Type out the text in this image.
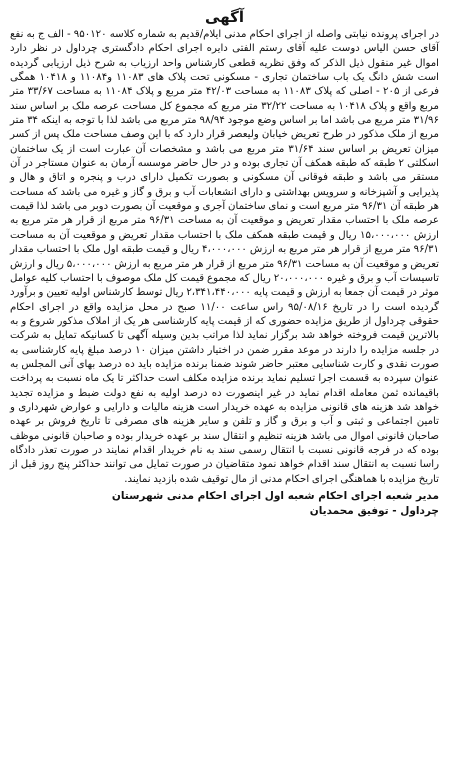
آگهی

در اجرای پرونده نیابتی واصله از اجرای احکام مدنی ایلام/قدیم به شماره کلاسه ۹۵۰۱۲۰ - الف ج به نفع آقای حسن الیاس دوست علیه آقای رستم الفتی دایره اجرای احکام دادگستری چرداول در نظر دارد اموال غیر منقول ذیل الذکر که وفق نظریه قطعی کارشناس واحد ارزیاب به شرح ذیل ارزیابی گردیده است شش دانگ یک باب ساختمان تجاری - مسکونی تحت پلاک های ۱۱۰۸۳ و۱۱۰۸۴ و ۱۰۴۱۸ همگی فرعی از ۲۰۵ - اصلی که پلاک ۱۱۰۸۳ به مساحت ۴۲/۰۳ متر مربع و پلاک ۱۱۰۸۴ به مساحت ۳۳/۶۷ متر مربع واقع و پلاک ۱۰۴۱۸ به مساحت ۳۲/۲۲ متر مربع که مجموع کل مساحت عرصه ملک بر اساس سند ۳۱/۹۶ متر مربع می باشد اما بر اساس وضع موجود ۹۸/۹۴ متر مربع می باشد لذا با توجه به اینکه ۳۴ متر مربع از ملک مذکور در طرح تعریض خیابان ولیعصر قرار دارد که با این وصف مساحت ملک پس از کسر میزان تعریض بر اساس سند ۳۱/۶۴ متر مربع می باشد و مشخصات آن عبارت است از یک ساختمان اسکلتی ۲ طبقه که طبقه همکف آن تجاری بوده و در حال حاضر موسسه آرمان به عنوان مستاجر در آن مستقر می باشد و طبقه فوقانی آن مسکونی و بصورت تکمیل دارای درب و پنجره و اتاق و هال و پذیرایی و آشپزخانه و سرویس بهداشتی و دارای انشعابات آب و برق و گاز و غیره می باشد که مساحت هر طبقه آن ۹۶/۳۱ متر مربع است و نمای ساختمان آجری و موقعیت آن بصورت دوبر می باشد لذا قیمت عرصه ملک با احتساب مقدار تعریض و موقعیت آن به مساحت ۹۶/۳۱ متر مربع از قرار هر متر مربع به ارزش ۱۵،۰۰۰،۰۰۰ ریال و قیمت طبقه همکف ملک با احتساب مقدار تعریض و موقعیت آن به مساحت ۹۶/۳۱ متر مربع از قرار هر متر مربع به ارزش ۴،۰۰۰،۰۰۰ ریال و قیمت طبقه اول ملک با احتساب مقدار تعریض و موقعیت آن به مساحت ۹۶/۳۱ متر مربع از قرار هر متر مربع به ارزش ۵،۰۰۰،۰۰۰ ریال و ارزش تاسیسات آب و برق و غیره ۲۰،۰۰۰،۰۰۰ ریال که مجموع قیمت کل ملک موصوف با احتساب کلیه عوامل موثر در قیمت آن جمعا به ارزش و قیمت پایه ۲،۳۴۱،۴۴۰،۰۰۰ ریال توسط کارشناس اولیه تعیین و برآورد گردیده است را در تاریخ ۹۵/۰۸/۱۶ راس ساعت ۱۱/۰۰ صبح در محل مزایده واقع در اجرای احکام حقوقی چرداول از طریق مزایده حضوری که از قیمت پایه کارشناسی هر یک از املاک مذکور شروع و به بالاترین قیمت فروخته خواهد شد برگزار نماید لذا مراتب بدین وسیله آگهی تا کسانیکه تمایل به شرکت در جلسه مزایده را دارند در موعد مقرر ضمن در اختیار داشتن میزان ۱۰ درصد مبلغ پایه کارشناسی به صورت نقدی و کارت شناسایی معتبر حاضر شوند ضمنا برنده مزایده باید ده درصد بهای آنی المجلس به عنوان سپرده به قسمت اجرا تسلیم نماید برنده مزایده مکلف است حداکثر تا یک ماه نسبت به پرداخت باقیمانده ثمن معامله اقدام نماید در غیر اینصورت ده درصد اولیه به نفع دولت ضبط و مزایده تجدید خواهد شد هزینه های قانونی مزایده به عهده خریدار است هزینه مالیات و دارایی و عوارض شهرداری و تامین اجتماعی و ثبتی و آب و برق و گاز و تلفن و سایر هزینه های مصرفی تا تاریخ فروش بر عهده صاحبان قانونی اموال می باشد هزینه تنظیم و انتقال سند بر عهده خریدار بوده و صاحبان قانونی موظف بوده که در فرجه قانونی نسبت با انتقال رسمی سند به نام خریدار اقدام نمایند در صورت تعذر دادگاه راسا نسبت به انتقال سند اقدام خواهد نمود متقاضیان در صورت تمایل می توانند حداکثر پنج روز قبل از تاریخ مزایده با هماهنگی اجرای احکام مدنی از مال توقیف شده بازدید نمایند.

مدیر شعبه اجرای احکام شعبه اول اجرای احکام مدنی شهرستان
چرداول - توفیق محمدیان
